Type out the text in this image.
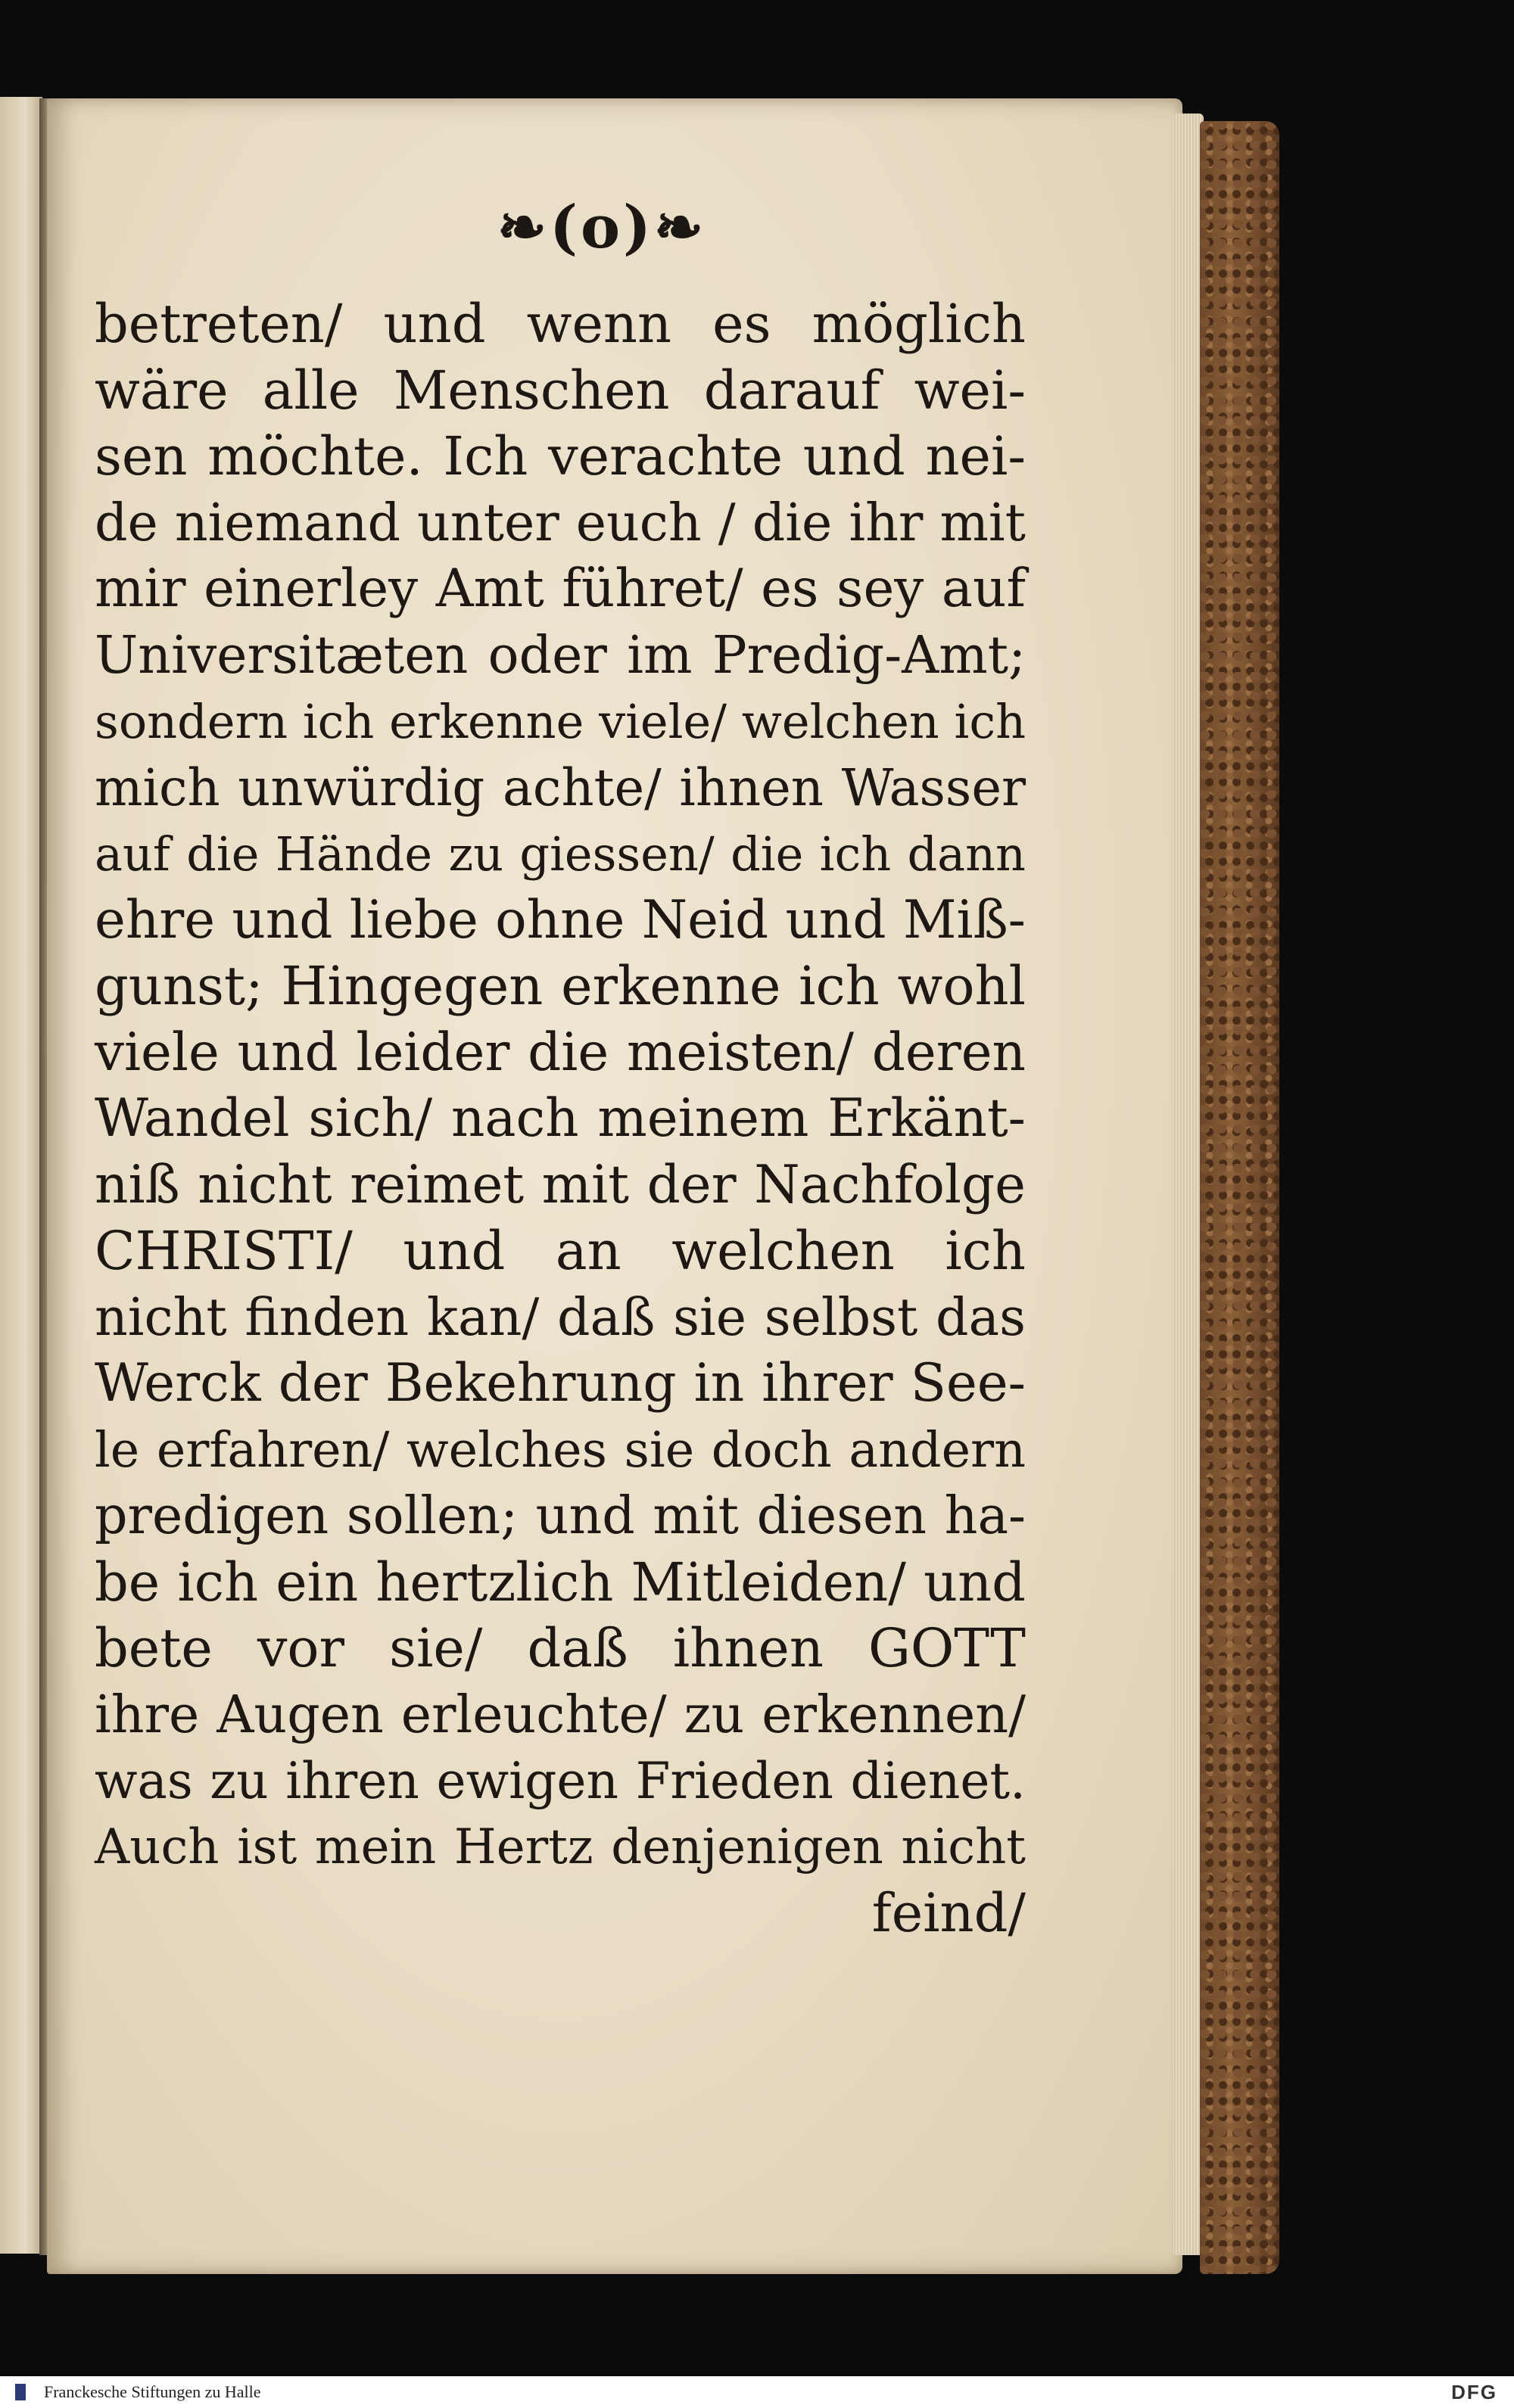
❧(o)❧
betreten/ und wenn es möglich
wäre alle Menschen darauf wei-
sen möchte. Ich verachte und nei-
de niemand unter euch / die ihr mit
mir einerley Amt führet/ es sey auf
Universitæten oder im Predig-Amt;
sondern ich erkenne viele/ welchen ich
mich unwürdig achte/ ihnen Wasser
auf die Hände zu giessen/ die ich dann
ehre und liebe ohne Neid und Miß-
gunst; Hingegen erkenne ich wohl
viele und leider die meisten/ deren
Wandel sich/ nach meinem Erkänt-
niß nicht reimet mit der Nachfolge
CHRISTI/ und an welchen ich
nicht finden kan/ daß sie selbst das
Werck der Bekehrung in ihrer See-
le erfahren/ welches sie doch andern
predigen sollen; und mit diesen ha-
be ich ein hertzlich Mitleiden/ und
bete vor sie/ daß ihnen GOTT
ihre Augen erleuchte/ zu erkennen/
was zu ihren ewigen Frieden dienet.
Auch ist mein Hertz denjenigen nicht
feind/
Franckesche Stiftungen zu Halle	DFG
